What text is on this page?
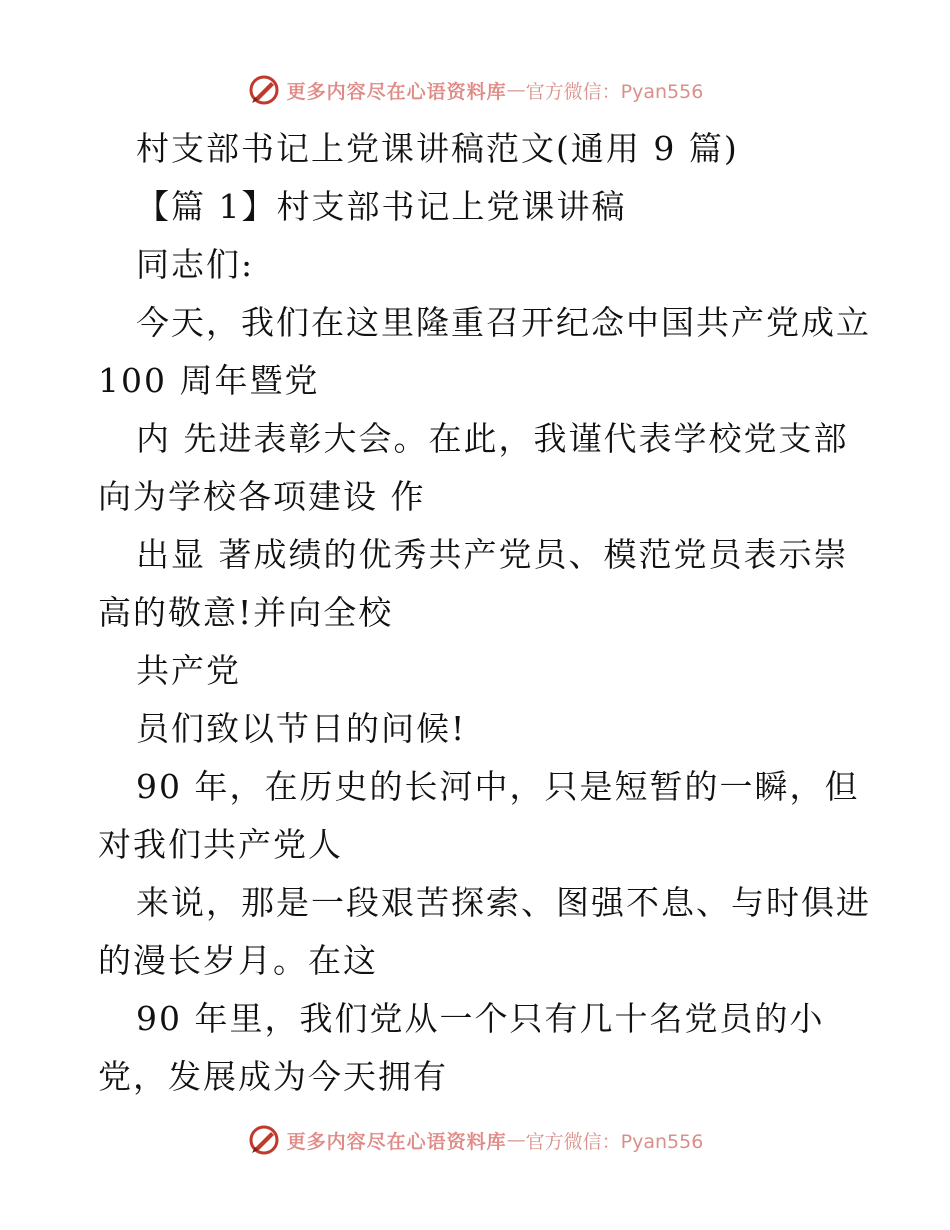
更多内容尽在心语资料库 — 官方微信：Pyan556
村支部书记上党课讲稿范文(通用 9 篇)
【篇 1】村支部书记上党课讲稿
同志们:
今天，我们在这里隆重召开纪念中国共产党成立
100 周年暨党
内 先进表彰大会。在此，我谨代表学校党支部
向为学校各项建设 作
出显 著成绩的优秀共产党员、模范党员表示崇
高的敬意!并向全校
共产党
员们致以节日的问候!
90 年，在历史的长河中，只是短暂的一瞬，但
对我们共产党人
来说，那是一段艰苦探索、图强不息、与时俱进
的漫长岁月。在这
90 年里，我们党从一个只有几十名党员的小
党，发展成为今天拥有
更多内容尽在心语资料库 — 官方微信：Pyan556
